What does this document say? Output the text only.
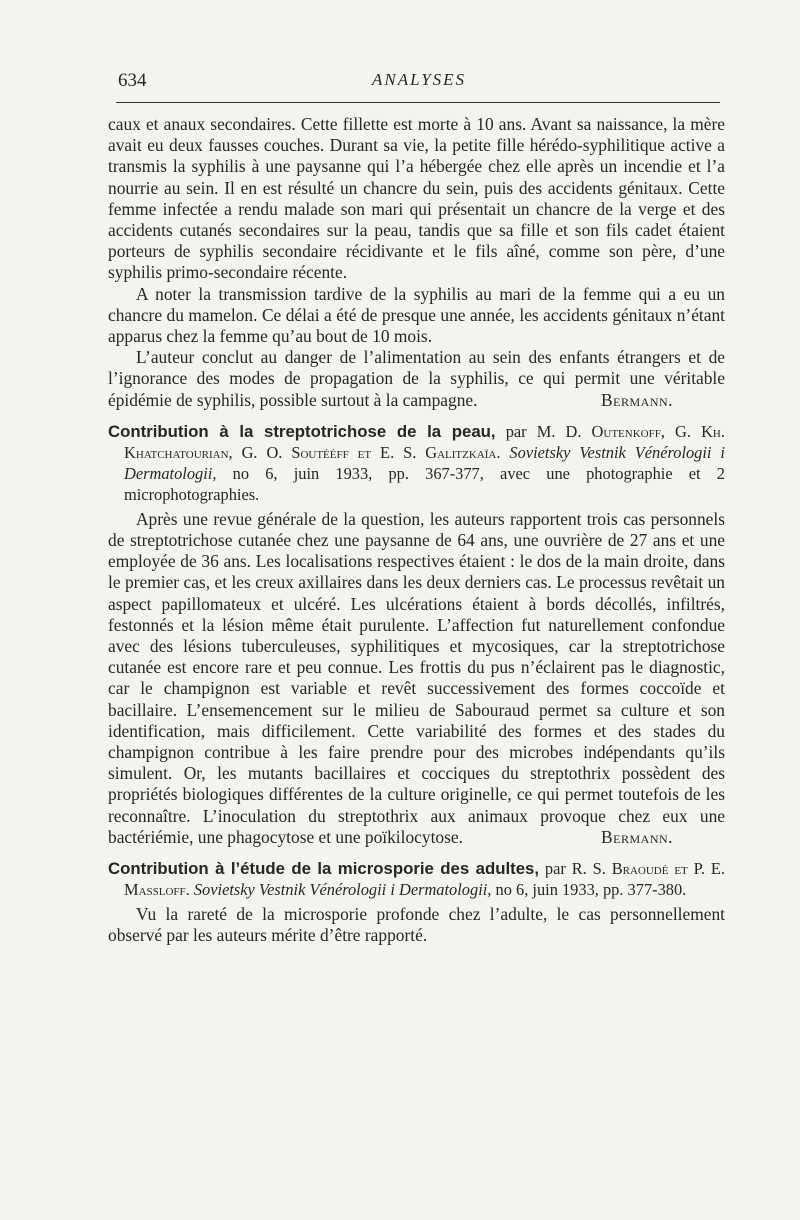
634	ANALYSES

caux et anaux secondaires. Cette fillette est morte à 10 ans. Avant sa naissance, la mère avait eu deux fausses couches. Durant sa vie, la petite fille hérédo-syphilitique active a transmis la syphilis à une paysanne qui l’a hébergée chez elle après un incendie et l’a nourrie au sein. Il en est résulté un chancre du sein, puis des accidents génitaux. Cette femme infectée a rendu malade son mari qui présentait un chancre de la verge et des accidents cutanés secondaires sur la peau, tandis que sa fille et son fils cadet étaient porteurs de syphilis secondaire récidivante et le fils aîné, comme son père, d’une syphilis primo-secondaire récente.

A noter la transmission tardive de la syphilis au mari de la femme qui a eu un chancre du mamelon. Ce délai a été de presque une année, les accidents génitaux n’étant apparus chez la femme qu’au bout de 10 mois.

L’auteur conclut au danger de l’alimentation au sein des enfants étrangers et de l’ignorance des modes de propagation de la syphilis, ce qui permit une véritable épidémie de syphilis, possible surtout à la campagne.	Bermann.

Contribution à la streptotrichose de la peau, par M. D. Outenkoff, G. Kh. Khatchatourian, G. O. Soutééff et E. S. Galitzkaïa. Sovietsky Vestnik Vénérologii i Dermatologii, no 6, juin 1933, pp. 367-377, avec une photographie et 2 microphotographies.

Après une revue générale de la question, les auteurs rapportent trois cas personnels de streptotrichose cutanée chez une paysanne de 64 ans, une ouvrière de 27 ans et une employée de 36 ans. Les localisations respectives étaient : le dos de la main droite, dans le premier cas, et les creux axillaires dans les deux derniers cas. Le processus revêtait un aspect papillomateux et ulcéré. Les ulcérations étaient à bords décollés, infiltrés, festonnés et la lésion même était purulente. L’affection fut naturellement confondue avec des lésions tuberculeuses, syphilitiques et mycosiques, car la streptotrichose cutanée est encore rare et peu connue. Les frottis du pus n’éclairent pas le diagnostic, car le champignon est variable et revêt successivement des formes coccoïde et bacillaire. L’ensemencement sur le milieu de Sabouraud permet sa culture et son identification, mais difficilement. Cette variabilité des formes et des stades du champignon contribue à les faire prendre pour des microbes indépendants qu’ils simulent. Or, les mutants bacillaires et cocciques du streptothrix possèdent des propriétés biologiques différentes de la culture originelle, ce qui permet toutefois de les reconnaître. L’inoculation du streptothrix aux animaux provoque chez eux une bactériémie, une phagocytose et une poïkilocytose.	Bermann.

Contribution à l’étude de la microsporie des adultes, par R. S. Braoudé et P. E. Massloff. Sovietsky Vestnik Vénérologii i Dermatologii, no 6, juin 1933, pp. 377-380.

Vu la rareté de la microsporie profonde chez l’adulte, le cas personnellement observé par les auteurs mérite d’être rapporté.
